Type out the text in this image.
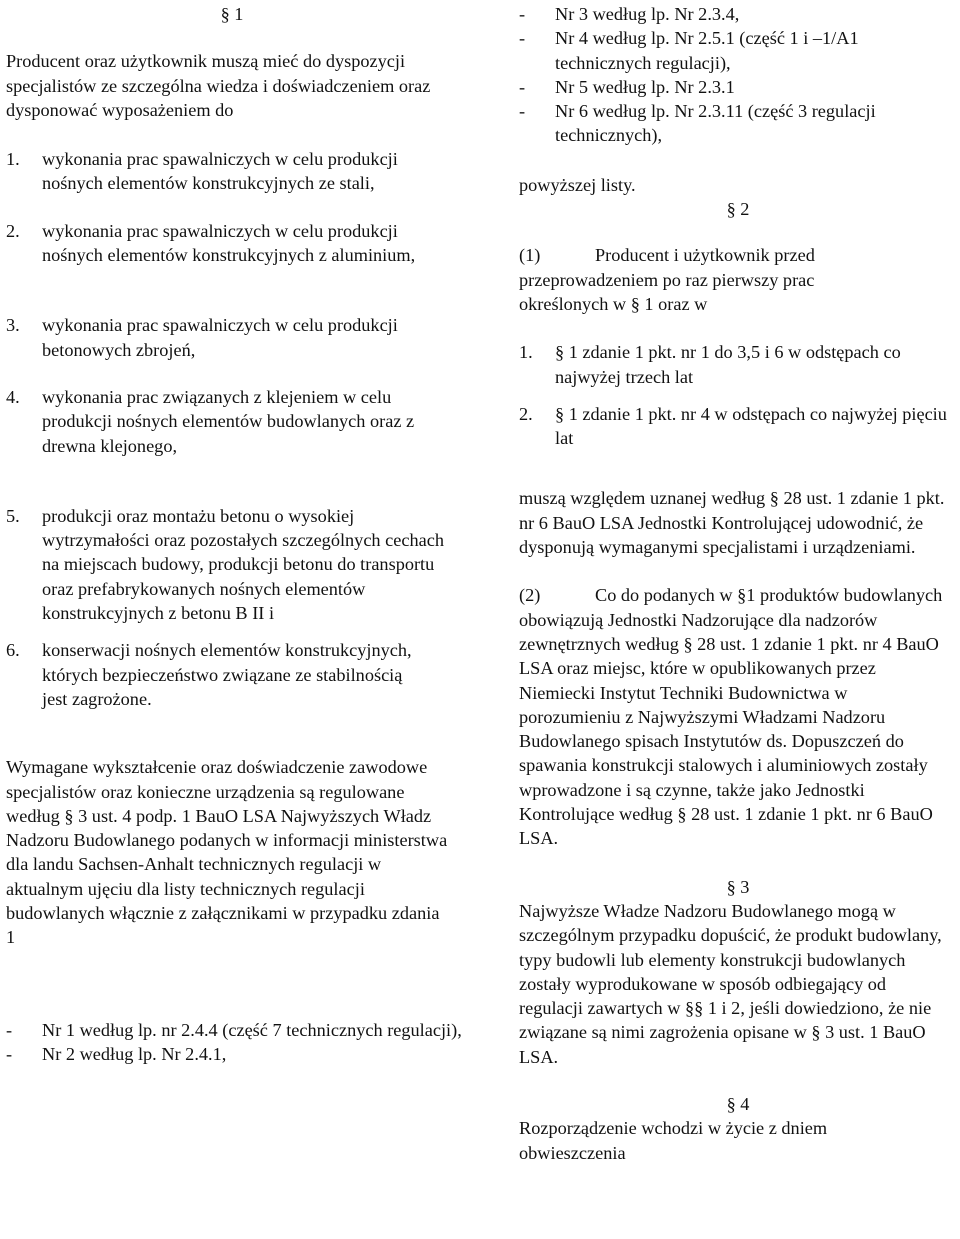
§ 1

Producent oraz użytkownik muszą mieć do dyspozycji specjalistów ze szczególna wiedza i doświadczeniem oraz dysponować wyposażeniem do

1. wykonania prac spawalniczych w celu produkcji nośnych elementów konstrukcyjnych ze stali,
2. wykonania prac spawalniczych w celu produkcji nośnych elementów konstrukcyjnych z aluminium,
3. wykonania prac spawalniczych w celu produkcji betonowych zbrojeń,
4. wykonania prac związanych z klejeniem w celu produkcji nośnych elementów budowlanych oraz z drewna klejonego,
5. produkcji oraz montażu betonu o wysokiej wytrzymałości oraz pozostałych szczególnych cechach na miejscach budowy, produkcji betonu do transportu oraz prefabrykowanych nośnych elementów konstrukcyjnych z betonu B II i
6. konserwacji nośnych elementów konstrukcyjnych, których bezpieczeństwo związane ze stabilnością jest zagrożone.

Wymagane wykształcenie oraz doświadczenie zawodowe specjalistów oraz konieczne urządzenia są regulowane według § 3 ust. 4 podp. 1 BauO LSA Najwyższych Władz Nadzoru Budowlanego podanych w informacji ministerstwa dla landu Sachsen-Anhalt technicznych regulacji w aktualnym ujęciu dla listy technicznych regulacji budowlanych włącznie z załącznikami w przypadku zdania 1

- Nr 1 według lp. nr 2.4.4 (część 7 technicznych regulacji),
- Nr 2 według lp. Nr 2.4.1,
- Nr 3 według lp. Nr 2.3.4,
- Nr 4 według lp. Nr 2.5.1 (część 1 i –1/A1 technicznych regulacji),
- Nr 5 według lp. Nr 2.3.1
- Nr 6 według lp. Nr 2.3.11 (część 3 regulacji technicznych),

powyższej listy.

§ 2

(1)	Producent i użytkownik przed przeprowadzeniem po raz pierwszy prac określonych w § 1 oraz w

1. § 1 zdanie 1 pkt. nr 1 do 3,5 i 6 w odstępach co najwyżej trzech lat
2. § 1 zdanie 1 pkt. nr 4 w odstępach co najwyżej pięciu lat

muszą względem uznanej według § 28 ust. 1 zdanie 1 pkt. nr 6 BauO LSA Jednostki Kontrolującej udowodnić, że dysponują wymaganymi specjalistami i urządzeniami.

(2)	Co do podanych w §1 produktów budowlanych obowiązują Jednostki Nadzorujące dla nadzorów zewnętrznych według § 28 ust. 1 zdanie 1 pkt. nr 4 BauO LSA oraz miejsc, które w opublikowanych przez Niemiecki Instytut Techniki Budownictwa w porozumieniu z Najwyższymi Władzami Nadzoru Budowlanego spisach Instytutów ds. Dopuszczeń do spawania konstrukcji stalowych i aluminiowych zostały wprowadzone i są czynne, także jako Jednostki Kontrolujące według § 28 ust. 1 zdanie 1 pkt. nr 6 BauO LSA.

§ 3

Najwyższe Władze Nadzoru Budowlanego mogą w szczególnym przypadku dopuścić, że produkt budowlany, typy budowli lub elementy konstrukcji budowlanych zostały wyprodukowane w sposób odbiegający od regulacji zawartych w §§ 1 i 2, jeśli dowiedziono, że nie związane są nimi zagrożenia opisane w § 3 ust. 1 BauO LSA.

§ 4

Rozporządzenie wchodzi w życie z dniem obwieszczenia
